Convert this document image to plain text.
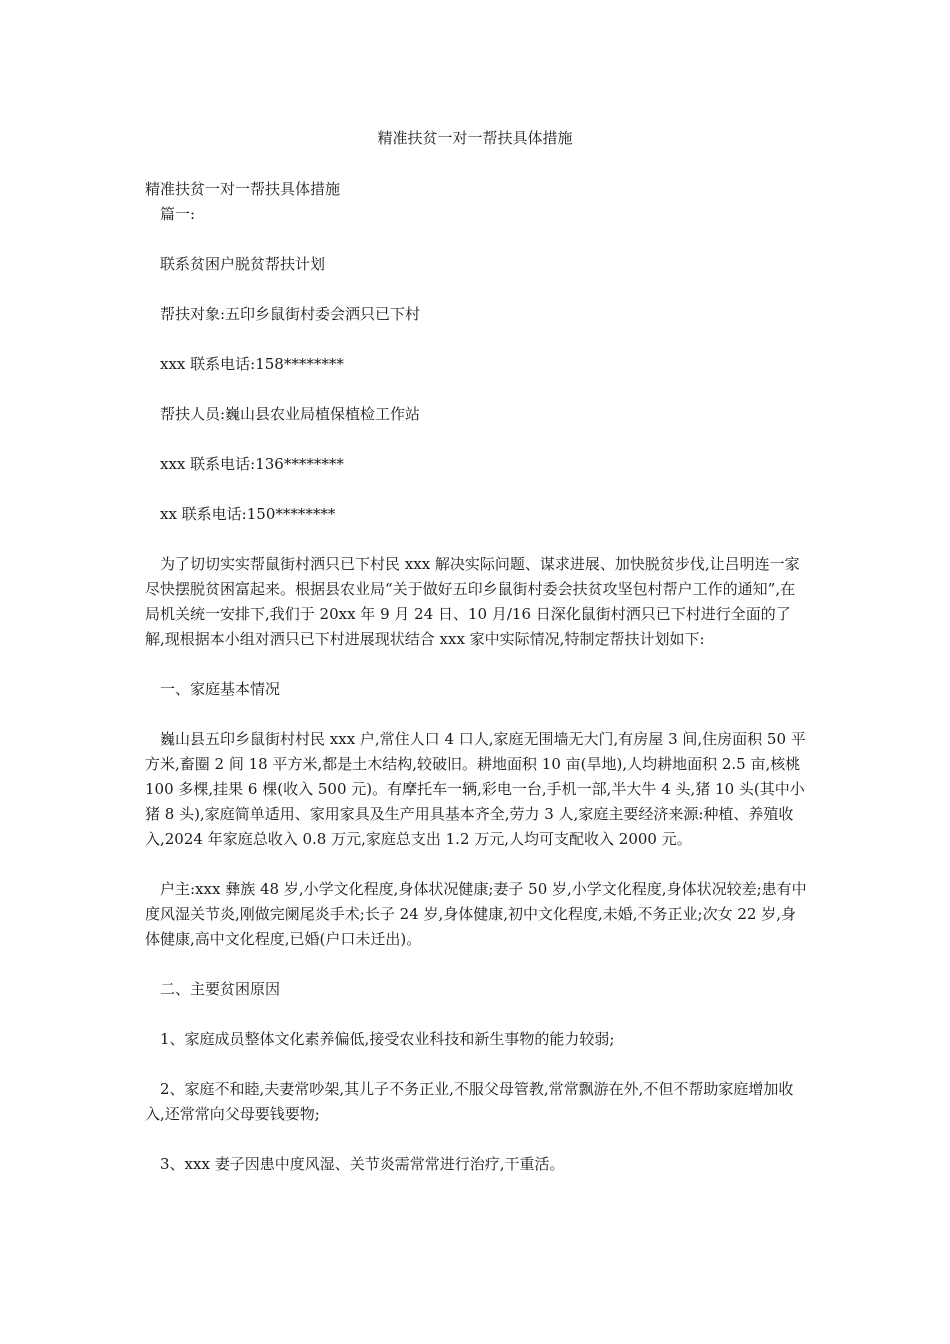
精准扶贫一对一帮扶具体措施

精准扶贫一对一帮扶具体措施

篇一:

联系贫困户脱贫帮扶计划

帮扶对象:五印乡鼠街村委会洒只已下村

xxx 联系电话:158********

帮扶人员:巍山县农业局植保植检工作站

xxx 联系电话:136********

xx 联系电话:150********

为了切切实实帮鼠街村洒只已下村民 xxx 解决实际问题、谋求进展、加快脱贫步伐,让吕明连一家尽快摆脱贫困富起来。根据县农业局“关于做好五印乡鼠街村委会扶贫攻坚包村帮户工作的通知”,在局机关统一安排下,我们于 20xx 年 9 月 24 日、10 月/16 日深化鼠街村洒只已下村进行全面的了解,现根据本小组对洒只已下村进展现状结合 xxx 家中实际情况,特制定帮扶计划如下:

一、家庭基本情况

巍山县五印乡鼠街村村民 xxx 户,常住人口 4 口人,家庭无围墙无大门,有房屋 3 间,住房面积 50 平方米,畜圈 2 间 18 平方米,都是土木结构,较破旧。耕地面积 10 亩(旱地),人均耕地面积 2.5 亩,核桃 100 多棵,挂果 6 棵(收入 500 元)。有摩托车一辆,彩电一台,手机一部,半大牛 4 头,猪 10 头(其中小猪 8 头),家庭简单适用、家用家具及生产用具基本齐全,劳力 3 人,家庭主要经济来源:种植、养殖收入,2024 年家庭总收入 0.8 万元,家庭总支出 1.2 万元,人均可支配收入 2000 元。

户主:xxx 彝族 48 岁,小学文化程度,身体状况健康;妻子 50 岁,小学文化程度,身体状况较差;患有中度风湿关节炎,刚做完阑尾炎手术;长子 24 岁,身体健康,初中文化程度,未婚,不务正业;次女 22 岁,身体健康,高中文化程度,已婚(户口未迁出)。

二、主要贫困原因

1、家庭成员整体文化素养偏低,接受农业科技和新生事物的能力较弱;

2、家庭不和睦,夫妻常吵架,其儿子不务正业,不服父母管教,常常飘游在外,不但不帮助家庭增加收入,还常常向父母要钱要物;

3、xxx 妻子因患中度风湿、关节炎需常常进行治疗,干重活。
